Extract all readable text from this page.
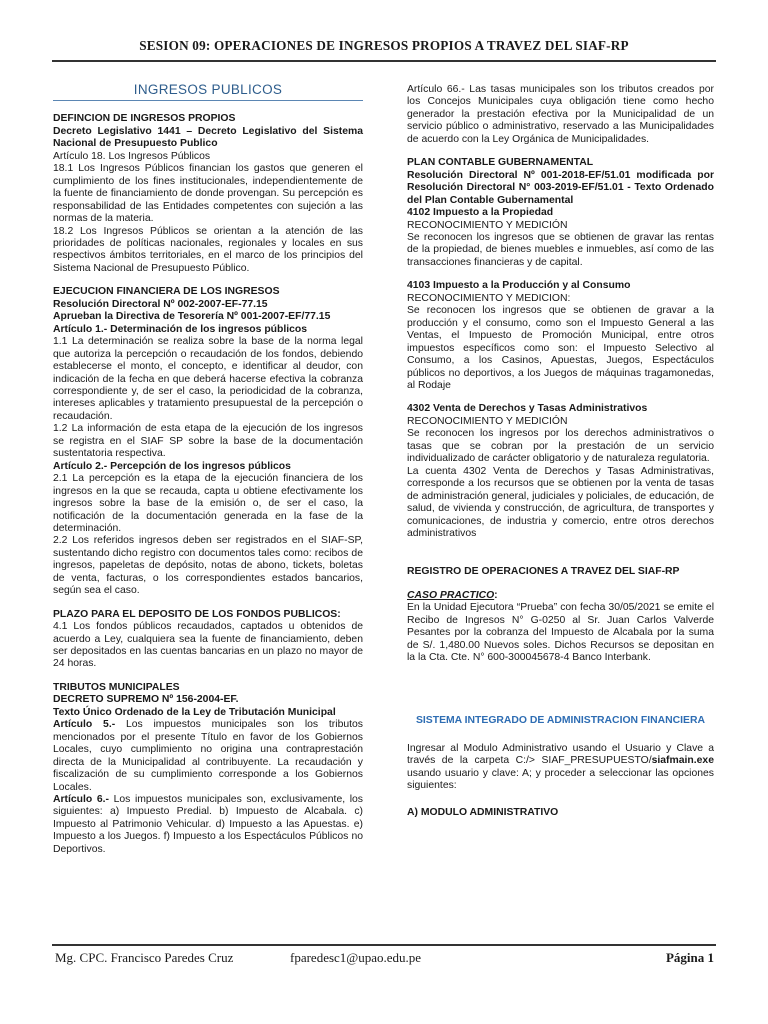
SESION 09: OPERACIONES DE INGRESOS PROPIOS A TRAVEZ DEL SIAF-RP
INGRESOS PUBLICOS

DEFINCION DE INGRESOS PROPIOS

Decreto Legislativo 1441 – Decreto Legislativo del Sistema Nacional de Presupuesto Publico

Artículo 18. Los Ingresos Públicos

18.1 Los Ingresos Públicos financian los gastos que generen el cumplimiento de los fines institucionales, independientemente de la fuente de financiamiento de donde provengan. Su percepción es responsabilidad de las Entidades competentes con sujeción a las normas de la materia.

18.2 Los Ingresos Públicos se orientan a la atención de las prioridades de políticas nacionales, regionales y locales en sus respectivos ámbitos territoriales, en el marco de los principios del Sistema Nacional de Presupuesto Público.

EJECUCION FINANCIERA DE LOS INGRESOS

Resolución Directoral Nº 002-2007-EF-77.15

Aprueban la Directiva de Tesorería Nº 001-2007-EF/77.15

Artículo 1.- Determinación de los ingresos públicos

1.1 La determinación se realiza sobre la base de la norma legal que autoriza la percepción o recaudación de los fondos, debiendo establecerse el monto, el concepto, e identificar al deudor, con indicación de la fecha en que deberá hacerse efectiva la cobranza correspondiente y, de ser el caso, la periodicidad de la cobranza, intereses aplicables y tratamiento presupuestal de la percepción o recaudación.

1.2 La información de esta etapa de la ejecución de los ingresos se registra en el SIAF SP sobre la base de la documentación sustentatoria respectiva.

Artículo 2.- Percepción de los ingresos públicos

2.1 La percepción es la etapa de la ejecución financiera de los ingresos en la que se recauda, capta u obtiene efectivamente los ingresos sobre la base de la emisión o, de ser el caso, la notificación de la documentación generada en la fase de la determinación.

2.2 Los referidos ingresos deben ser registrados en el SIAF-SP, sustentando dicho registro con documentos tales como: recibos de ingresos, papeletas de depósito, notas de abono, tickets, boletas de venta, facturas, o los correspondientes estados bancarios, según sea el caso.

PLAZO PARA EL DEPOSITO DE LOS FONDOS PUBLICOS:

4.1 Los fondos públicos recaudados, captados u obtenidos de acuerdo a Ley, cualquiera sea la fuente de financiamiento, deben ser depositados en las cuentas bancarias en un plazo no mayor de 24 horas.

TRIBUTOS MUNICIPALES

DECRETO SUPREMO Nº 156-2004-EF.

Texto Único Ordenado de la Ley de Tributación Municipal

Artículo 5.- Los impuestos municipales son los tributos mencionados por el presente Título en favor de los Gobiernos Locales, cuyo cumplimiento no origina una contraprestación directa de la Municipalidad al contribuyente. La recaudación y fiscalización de su cumplimiento corresponde a los Gobiernos Locales.

Artículo 6.- Los impuestos municipales son, exclusivamente, los siguientes: a) Impuesto Predial. b) Impuesto de Alcabala. c) Impuesto al Patrimonio Vehicular. d) Impuesto a las Apuestas. e) Impuesto a los Juegos. f) Impuesto a los Espectáculos Públicos no Deportivos.

Artículo 66.- Las tasas municipales son los tributos creados por los Concejos Municipales cuya obligación tiene como hecho generador la prestación efectiva por la Municipalidad de un servicio público o administrativo, reservado a las Municipalidades de acuerdo con la Ley Orgánica de Municipalidades.

PLAN CONTABLE GUBERNAMENTAL

Resolución Directoral Nº 001-2018-EF/51.01 modificada por Resolución Directoral N° 003-2019-EF/51.01 - Texto Ordenado del Plan Contable Gubernamental

4102 Impuesto a la Propiedad

RECONOCIMIENTO Y MEDICIÓN

Se reconocen los ingresos que se obtienen de gravar las rentas de la propiedad, de bienes muebles e inmuebles, así como de las transacciones financieras y de capital.

4103 Impuesto a la Producción y al Consumo

RECONOCIMIENTO Y MEDICION:

Se reconocen los ingresos que se obtienen de gravar a la producción y el consumo, como son el Impuesto General a las Ventas, el Impuesto de Promoción Municipal, entre otros impuestos específicos como son: el Impuesto Selectivo al Consumo, a los Casinos, Apuestas, Juegos, Espectáculos públicos no deportivos, a los Juegos de máquinas tragamonedas, al Rodaje

4302 Venta de Derechos y Tasas Administrativos

RECONOCIMIENTO Y MEDICIÓN

Se reconocen los ingresos por los derechos administrativos o tasas que se cobran por la prestación de un servicio individualizado de carácter obligatorio y de naturaleza regulatoria.

La cuenta 4302 Venta de Derechos y Tasas Administrativas, corresponde a los recursos que se obtienen por la venta de tasas de administración general, judiciales y policiales, de educación, de salud, de vivienda y construcción, de agricultura, de transportes y comunicaciones, de industria y comercio, entre otros derechos administrativos

REGISTRO DE OPERACIONES A TRAVEZ DEL SIAF-RP

CASO PRACTICO:

En la Unidad Ejecutora “Prueba” con fecha 30/05/2021 se emite el Recibo de Ingresos N° G-0250 al Sr. Juan Carlos Valverde Pesantes por la cobranza del Impuesto de Alcabala por la suma de S/. 1,480.00 Nuevos soles. Dichos Recursos se depositan en la la Cta. Cte. N° 600-300045678-4 Banco Interbank.

SISTEMA INTEGRADO DE ADMINISTRACION FINANCIERA

Ingresar al Modulo Administrativo usando el Usuario y Clave a través de la carpeta C:/> SIAF_PRESUPUESTO/siafmain.exe usando usuario y clave: A; y proceder a seleccionar las opciones siguientes:

A) MODULO ADMINISTRATIVO

Mg. CPC. Francisco Paredes Cruz	fparedesc1@upao.edu.pe	Página 1
